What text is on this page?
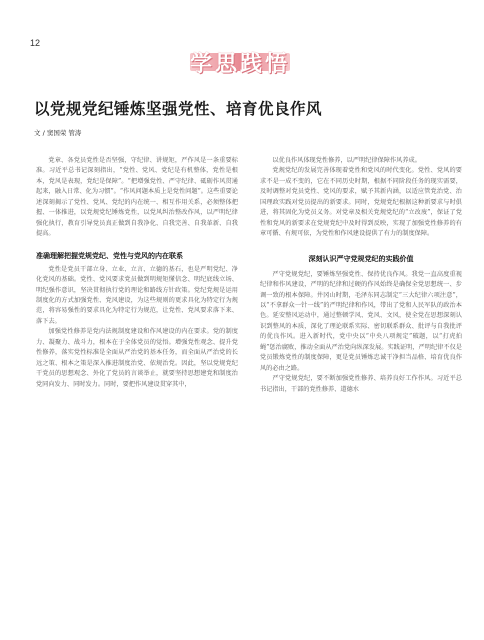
12
学思践悟
以党规党纪锤炼坚强党性、培育优良作风
文 / 窦国荣 管涛

党章、各党员党性是否坚强，守纪律、讲规矩，严作风是一条重要标准。习近平总书记深刻指出，“党性、党风、党纪是有机整体，党性是根本，党风是表现，党纪是保障”。“把增强党性、严守纪律、砥砺作风贯通起来，融入日常、化为习惯”。“作风问题本质上是党性问题”。这些重要论述深刻揭示了党性、党风、党纪的内在统一、相互作用关系，必须整体把握、一体推进，以党规党纪锤炼党性，以党风纠治整改作风，以严明纪律强化执行，教育引导党员真正做到自我净化、自我完善、自我革新、自我提高。

准确理解把握党规党纪、党性与党风的内在联系

党性是党员干部立身、立业、立言、立德的基石，也是严明党纪、净化党风的基础。党性、党风要求党员做到明规矩懂信念、明纪底线立场、明纪强作意识，坚决贯彻执行党的理论和路线方针政策。党纪党规是运用制度化的方式加强党性、党风建设，为这些规则的更求具化为特定行为规范，将容易强性的要求具化为特定行为规范，让党性、党风要求落下来、落下去。

加强党性修养是党内法规制度建设和作风建设的内在要求。党的制度力、凝聚力、战斗力，根本在于全体党员的觉悟。增强党性观念、提升党性修养，落实党性标准是全面从严治党的基本任务，而全面从严治党的长远之策、根本之策是深入推进制度治党、依规治党。因此，坚以党规党纪干党员的思想观念、外化了党员的言谈举止，就要坚持思想建党和制度治党同向发力、同时发力。同时，要把作风建设贯穿其中，

以优良作风体现党性修养，以严明纪律保障作风养成。

党规党纪的发展完善体现着党性和党风的时代变化。党性、党风的要求不是一成不变的，它在不同历史时期，根据不同阶段任务的现实需要，及时调整对党员党性、党风的要求，赋予其新内涵，以适应管党治党、治国理政实践对党员提出的新要求。同时，党规党纪根据这种新要求与时俱进，将其固化为党员义务。对党章及相关党规党纪的“立改废”，保证了党性和党风的新要求在党规党纪中及时得到反映，实现了加强党性修养的有章可循、有规可依，为党性和作风建设提供了有力的制度保障。

深刻认识严守党规党纪的实践价值

严守党规党纪，要锤炼坚强党性、保持优良作风。我党一直高度重视纪律和作风建设，严明的纪律和过硬的作风始终是确保全党思想统一、步调一致的根本保障。井冈山时期，毛泽东同志制定“三大纪律六项注意”，以“不拿群众一针一线”的严明纪律和作风，带出了党和人民军队的政治本色。延安整风运动中，通过整顿学风、党风、文风，使全党在思想深刻认识到整风的本质，深化了理论联系实际、密切联系群众、批评与自我批评的优良作风。进入新时代，党中央以“中央八项规定”破题，以“打虎拍蝇”惩治腐败，推动全面从严治党向纵深发展。实践证明，严明纪律不仅是党员锻炼党性的制度保障，更是党员锤炼忠诚干净担当品格、培育优良作风的必由之路。

严守党规党纪，要不断加强党性修养、培养良好工作作风。习近平总书记指出，干部的党性修养、道德水
